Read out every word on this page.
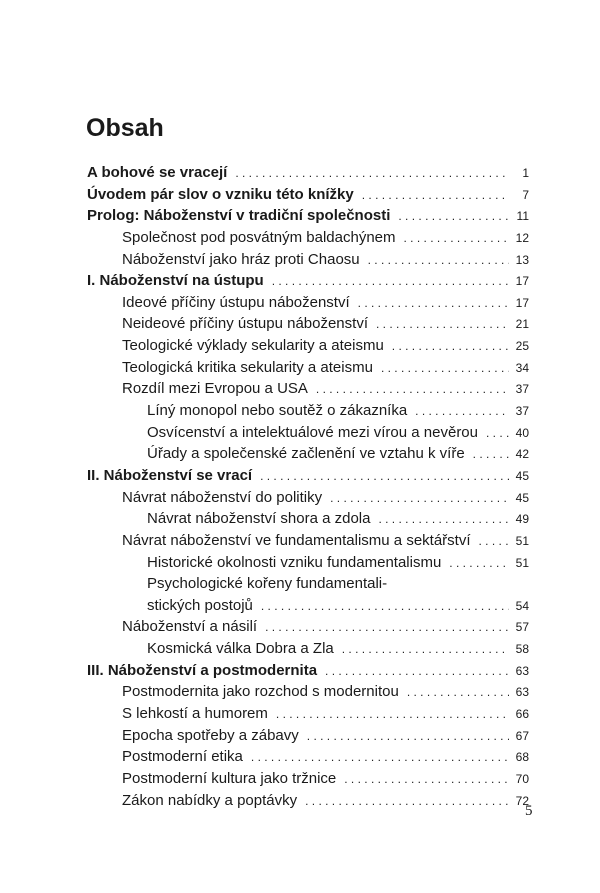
Obsah
A bohové se vracejí . . .	1
Úvodem pár slov o vzniku této knížky . . .	7
Prolog: Náboženství v tradiční společnosti . . .	11
Společnost pod posvátným baldachýnem . . .	12
Náboženství jako hráz proti Chaosu . . .	13
I. Náboženství na ústupu . . .	17
Ideové příčiny ústupu náboženství . . .	17
Neideové příčiny ústupu náboženství . . .	21
Teologické výklady sekularity a ateismu . . .	25
Teologická kritika sekularity a ateismu . . .	34
Rozdíl mezi Evropou a USA . . .	37
Líný monopol nebo soutěž o zákazníka . . .	37
Osvícenství a intelektuálové mezi vírou a nevěrou . . .	40
Úřady a společenské začlenění ve vztahu k víře . . .	42
II. Náboženství se vrací . . .	45
Návrat náboženství do politiky . . .	45
Návrat náboženství shora a zdola . . .	49
Návrat náboženství ve fundamentalismu a sektářství . . .	51
Historické okolnosti vzniku fundamentalismu . . .	51
Psychologické kořeny fundamentali-
stických postojů . . .	54
Náboženství a násilí . . .	57
Kosmická válka Dobra a Zla . . .	58
III. Náboženství a postmodernita . . .	63
Postmodernita jako rozchod s modernitou . . .	63
S lehkostí a humorem . . .	66
Epocha spotřeby a zábavy . . .	67
Postmoderní etika . . .	68
Postmoderní kultura jako tržnice . . .	70
Zákon nabídky a poptávky . . .	72
5
